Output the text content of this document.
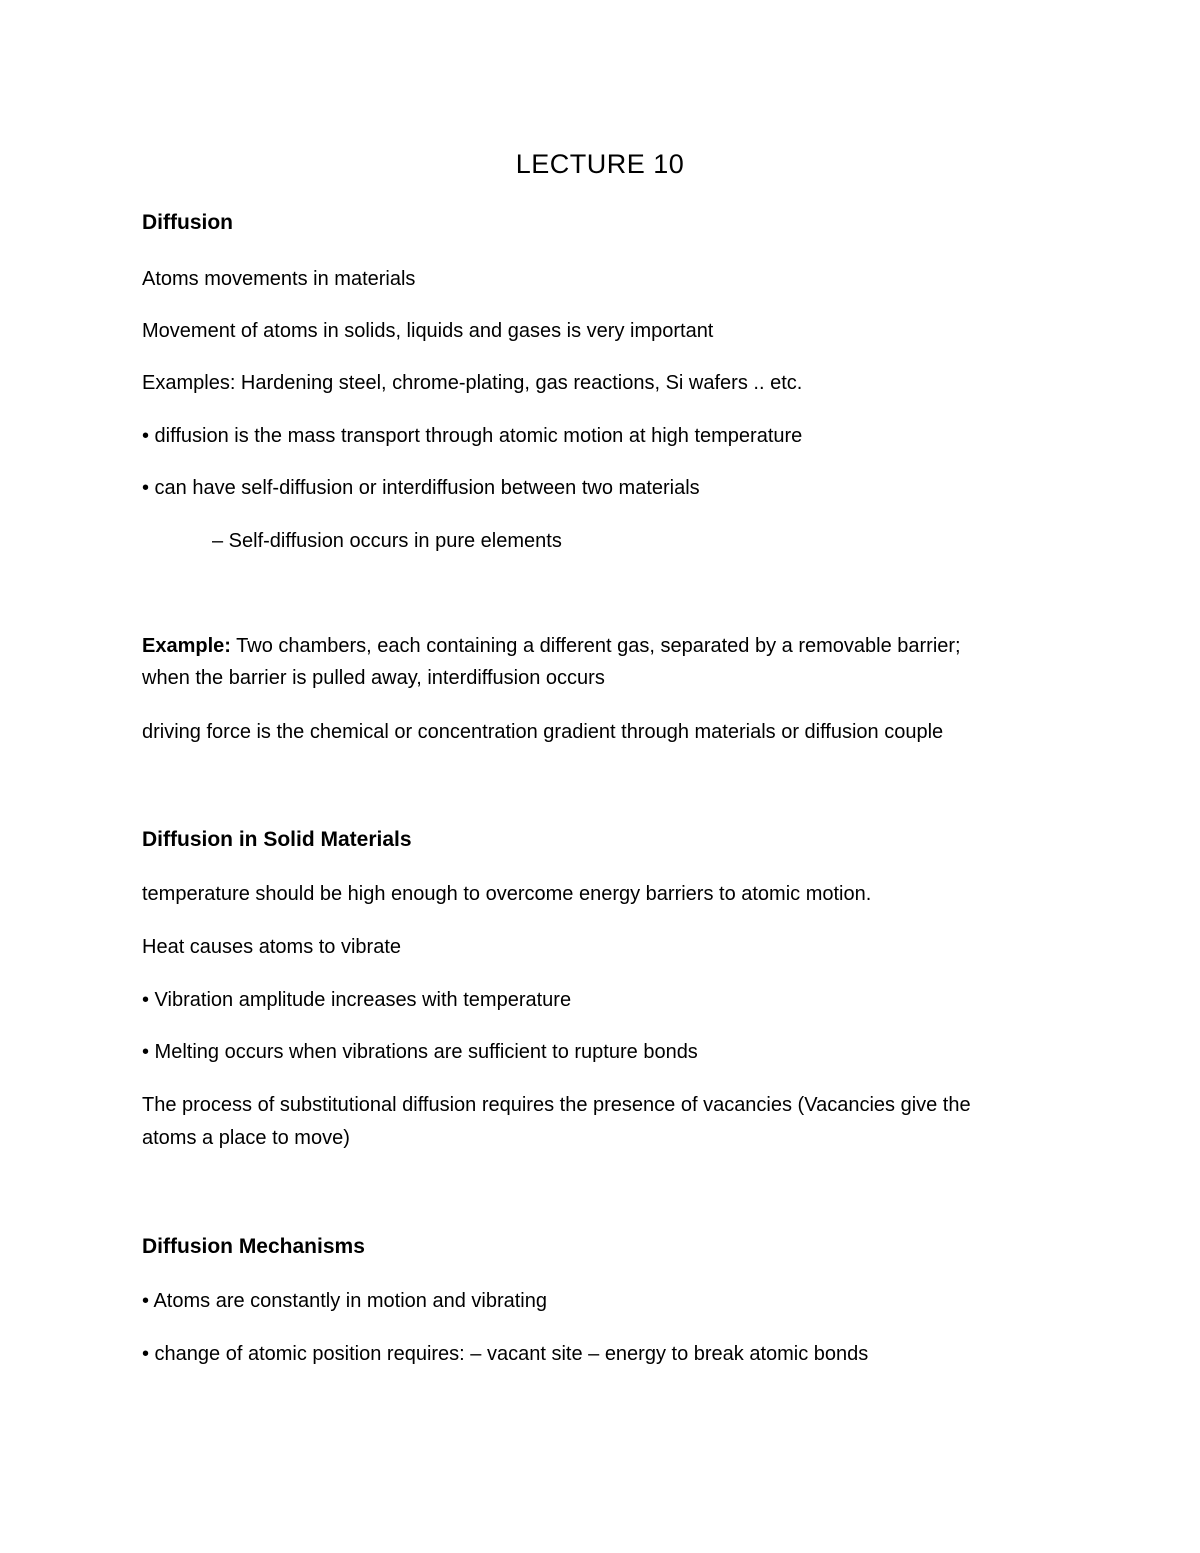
LECTURE 10
Diffusion
Atoms movements in materials
Movement of atoms in solids, liquids and gases is very important
Examples: Hardening steel, chrome-plating, gas reactions, Si wafers .. etc.
• diffusion is the mass transport through atomic motion at high temperature
• can have self-diffusion or interdiffusion between two materials
– Self-diffusion occurs in pure elements
Example: Two chambers, each containing a different gas, separated by a removable barrier;
when the barrier is pulled away, interdiffusion occurs
driving force is the chemical or concentration gradient through materials or diffusion couple
Diffusion in Solid Materials
temperature should be high enough to overcome energy barriers to atomic motion.
Heat causes atoms to vibrate
• Vibration amplitude increases with temperature
• Melting occurs when vibrations are sufficient to rupture bonds
The process of substitutional diffusion requires the presence of vacancies (Vacancies give the
atoms a place to move)
Diffusion Mechanisms
• Atoms are constantly in motion and vibrating
• change of atomic position requires: – vacant site – energy to break atomic bonds
